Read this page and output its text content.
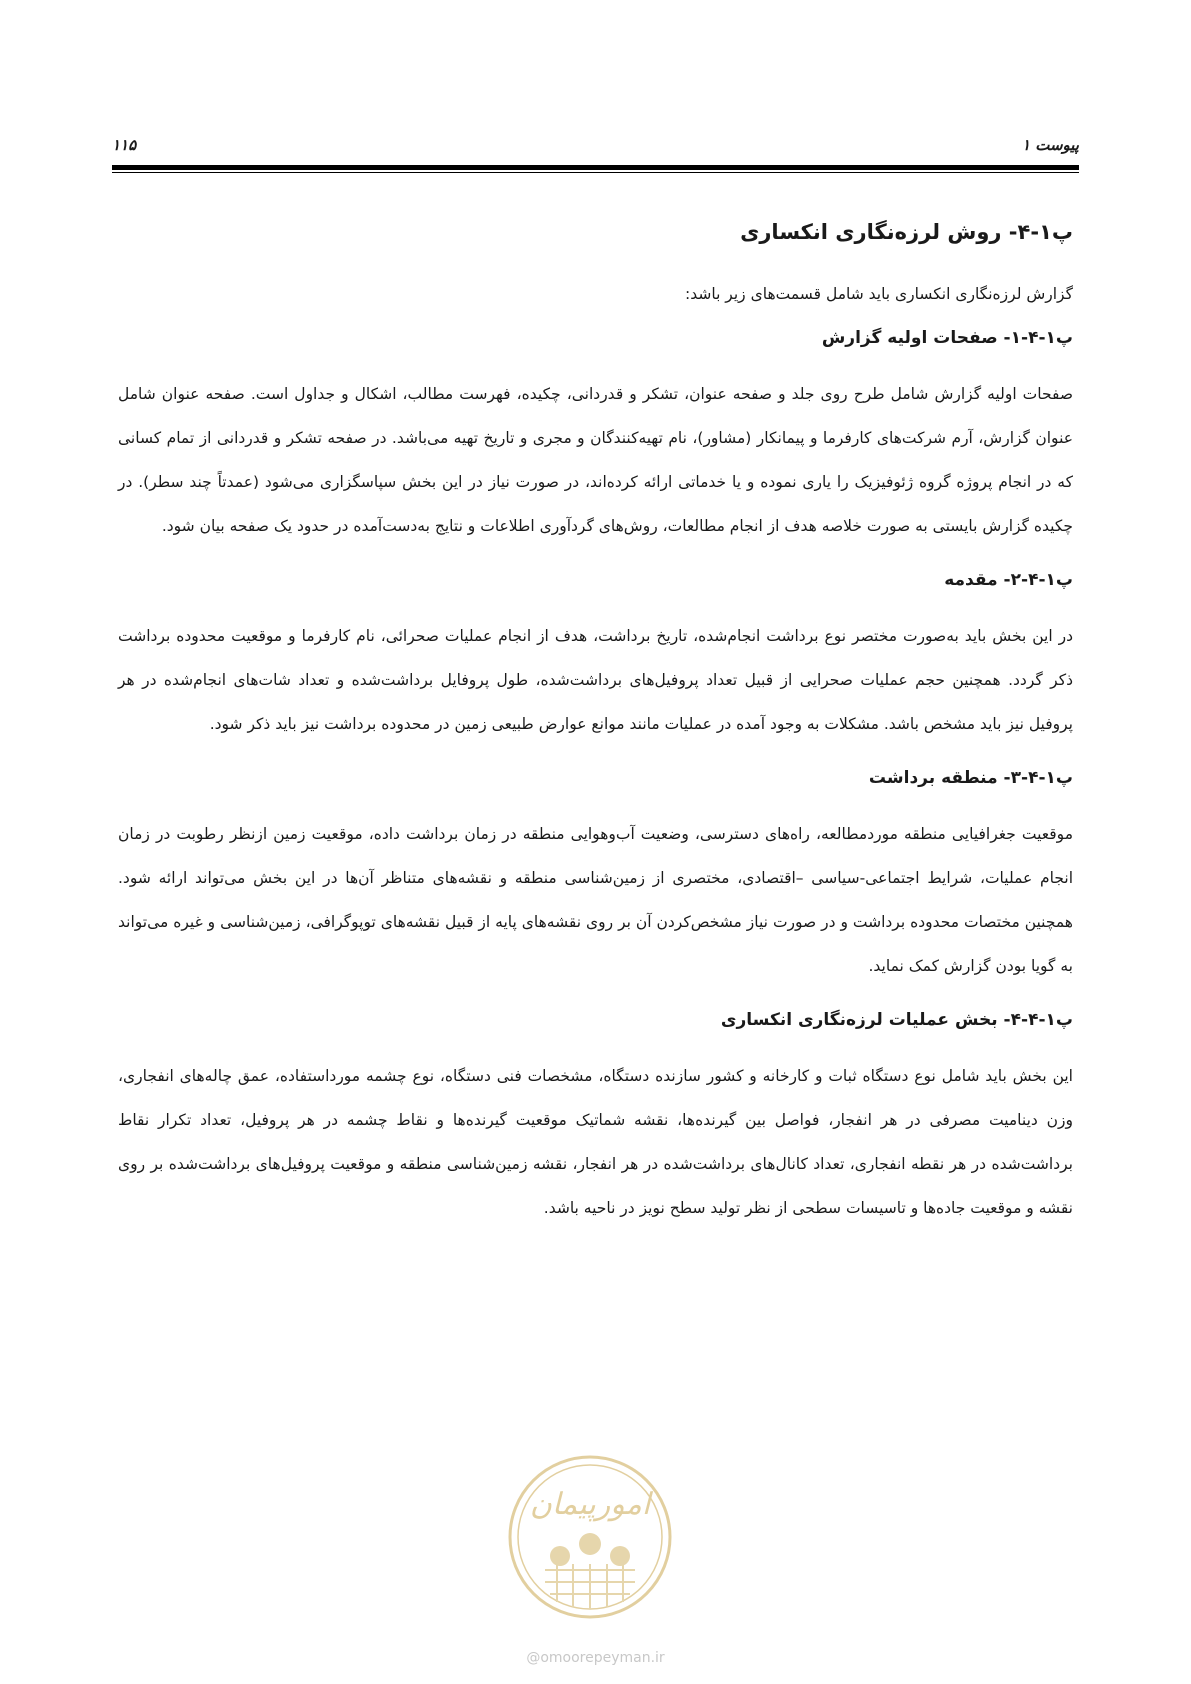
پیوست ۱
۱۱۵
پ۱-۴- روش لرزه‌نگاری انکساری

گزارش لرزه‌نگاری انکساری باید شامل قسمت‌های زیر باشد:

پ۱-۴-۱- صفحات اولیه گزارش

صفحات اولیه گزارش شامل طرح روی جلد و صفحه عنوان، تشکر و قدردانی، چکیده، فهرست مطالب، اشکال و جداول است. صفحه عنوان شامل عنوان گزارش، آرم شرکت‌های کارفرما و پیمانکار (مشاور)، نام تهیه‌کنندگان و مجری و تاریخ تهیه می‌باشد. در صفحه تشکر و قدردانی از تمام کسانی که در انجام پروژه گروه ژئوفیزیک را یاری نموده و یا خدماتی ارائه کرده‌اند، در صورت نیاز در این بخش سپاسگزاری می‌شود (عمدتاً چند سطر). در چکیده گزارش بایستی به صورت خلاصه هدف از انجام مطالعات، روش‌های گردآوری اطلاعات و نتایج به‌دست‌آمده در حدود یک صفحه بیان شود.

پ۱-۴-۲- مقدمه

در این بخش باید به‌صورت مختصر نوع برداشت انجام‌شده، تاریخ برداشت، هدف از انجام عملیات صحرائی، نام کارفرما و موقعیت محدوده برداشت ذکر گردد. همچنین حجم عملیات صحرایی از قبیل تعداد پروفیل‌های برداشت‌شده، طول پروفایل برداشت‌شده و تعداد شات‌های انجام‌شده در هر پروفیل نیز باید مشخص باشد. مشکلات به وجود آمده در عملیات مانند موانع عوارض طبیعی زمین در محدوده برداشت نیز باید ذکر شود.

پ۱-۴-۳- منطقه برداشت

موقعیت جغرافیایی منطقه موردمطالعه، راه‌های دسترسی، وضعیت آب‌وهوایی منطقه در زمان برداشت داده، موقعیت زمین ازنظر رطوبت در زمان انجام عملیات، شرایط اجتماعی-سیاسی –اقتصادی، مختصری از زمین‌شناسی منطقه و نقشه‌های متناظر آن‌ها در این بخش می‌تواند ارائه شود. همچنین مختصات محدوده برداشت و در صورت نیاز مشخص‌کردن آن بر روی نقشه‌های پایه از قبیل نقشه‌های توپوگرافی، زمین‌شناسی و غیره می‌تواند به گویا بودن گزارش کمک نماید.

پ۱-۴-۴- بخش عملیات لرزه‌نگاری انکساری

این بخش باید شامل نوع دستگاه ثبات و کارخانه و کشور سازنده دستگاه، مشخصات فنی دستگاه، نوع چشمه مورداستفاده، عمق چاله‌های انفجاری، وزن دینامیت مصرفی در هر انفجار، فواصل بین گیرنده‌ها، نقشه شماتیک موقعیت گیرنده‌ها و نقاط چشمه در هر پروفیل، تعداد تکرار نقاط برداشت‌شده در هر نقطه انفجاری، تعداد کانال‌های برداشت‌شده در هر انفجار، نقشه زمین‌شناسی منطقه و موقعیت پروفیل‌های برداشت‌شده بر روی نقشه و موقعیت جاده‌ها و تاسیسات سطحی از نظر تولید سطح نویز در ناحیه باشد.

امورپیمان
@omoorepeyman.ir
